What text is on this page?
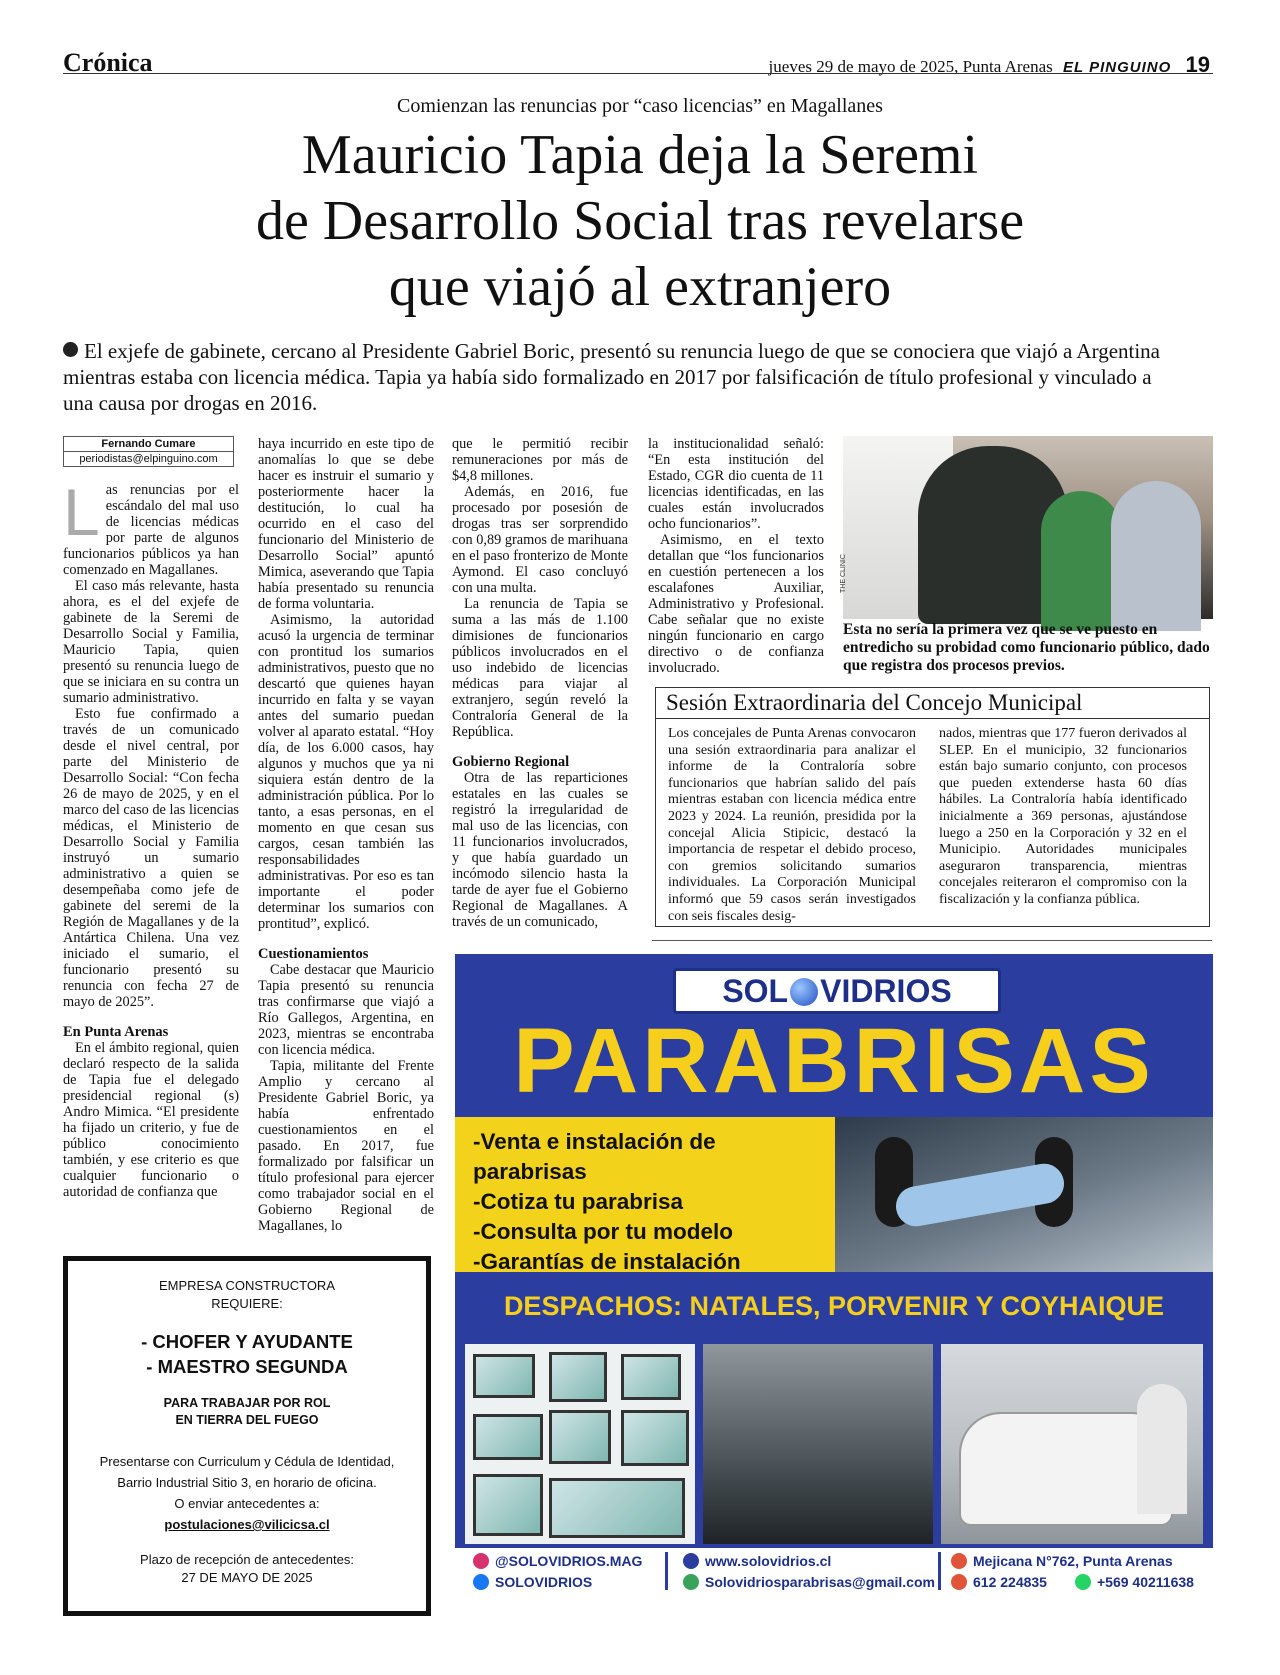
Crónica	jueves 29 de mayo de 2025, Punta Arenas EL PINGUINO 19
Comienzan las renuncias por “caso licencias” en Magallanes
Mauricio Tapia deja la Seremi
de Desarrollo Social tras revelarse
que viajó al extranjero
El exjefe de gabinete, cercano al Presidente Gabriel Boric, presentó su renuncia luego de que se conociera que viajó a Argentina mientras estaba con licencia médica. Tapia ya había sido formalizado en 2017 por falsificación de título profesional y vinculado a una causa por drogas en 2016.
Fernando Cumare
periodistas@elpinguino.com
L as renuncias por el escándalo del mal uso de licencias médicas por parte de algunos funcionarios públicos ya han comenzado en Magallanes.

El caso más relevante, hasta ahora, es el del exjefe de gabinete de la Seremi de Desarrollo Social y Familia, Mauricio Tapia, quien presentó su renuncia luego de que se iniciara en su contra un sumario administrativo.

Esto fue confirmado a través de un comunicado desde el nivel central, por parte del Ministerio de Desarrollo Social: “Con fecha 26 de mayo de 2025, y en el marco del caso de las licencias médicas, el Ministerio de Desarrollo Social y Familia instruyó un sumario administrativo a quien se desempeñaba como jefe de gabinete del seremi de la Región de Magallanes y de la Antártica Chilena. Una vez iniciado el sumario, el funcionario presentó su renuncia con fecha 27 de mayo de 2025”.

En Punta Arenas

En el ámbito regional, quien declaró respecto de la salida de Tapia fue el delegado presidencial regional (s) Andro Mimica. “El presidente ha fijado un criterio, y fue de público conocimiento también, y ese criterio es que cualquier funcionario o autoridad de confianza que

haya incurrido en este tipo de anomalías lo que se debe hacer es instruir el sumario y posteriormente hacer la destitución, lo cual ha ocurrido en el caso del funcionario del Ministerio de Desarrollo Social” apuntó Mimica, aseverando que Tapia había presentado su renuncia de forma voluntaria.

Asimismo, la autoridad acusó la urgencia de terminar con prontitud los sumarios administrativos, puesto que no descartó que quienes hayan incurrido en falta y se vayan antes del sumario puedan volver al aparato estatal. “Hoy día, de los 6.000 casos, hay algunos y muchos que ya ni siquiera están dentro de la administración pública. Por lo tanto, a esas personas, en el momento en que cesan sus cargos, cesan también las responsabilidades administrativas. Por eso es tan importante el poder determinar los sumarios con prontitud”, explicó.

Cuestionamientos

Cabe destacar que Mauricio Tapia presentó su renuncia tras confirmarse que viajó a Río Gallegos, Argentina, en 2023, mientras se encontraba con licencia médica.

Tapia, militante del Frente Amplio y cercano al Presidente Gabriel Boric, ya había enfrentado cuestionamientos en el pasado. En 2017, fue formalizado por falsificar un título profesional para ejercer como trabajador social en el Gobierno Regional de Magallanes, lo

que le permitió recibir remuneraciones por más de $4,8 millones.

Además, en 2016, fue procesado por posesión de drogas tras ser sorprendido con 0,89 gramos de marihuana en el paso fronterizo de Monte Aymond. El caso concluyó con una multa.

La renuncia de Tapia se suma a las más de 1.100 dimisiones de funcionarios públicos involucrados en el uso indebido de licencias médicas para viajar al extranjero, según reveló la Contraloría General de la República.

Gobierno Regional

Otra de las reparticiones estatales en las cuales se registró la irregularidad de mal uso de las licencias, con 11 funcionarios involucrados, y que había guardado un incómodo silencio hasta la tarde de ayer fue el Gobierno Regional de Magallanes. A través de un comunicado,

la institucionalidad señaló: “En esta institución del Estado, CGR dio cuenta de 11 licencias identificadas, en las cuales están involucrados ocho funcionarios”.

Asimismo, en el texto detallan que “los funcionarios en cuestión pertenecen a los escalafones Auxiliar, Administrativo y Profesional. Cabe señalar que no existe ningún funcionario en cargo directivo o de confianza involucrado.

THE CLINIC
Esta no sería la primera vez que se ve puesto en entredicho su probidad como funcionario público, dado que registra dos procesos previos.
Sesión Extraordinaria del Concejo Municipal
Los concejales de Punta Arenas convocaron una sesión extraordinaria para analizar el informe de la Contraloría sobre funcionarios que habrían salido del país mientras estaban con licencia médica entre 2023 y 2024. La reunión, presidida por la concejal Alicia Stipicic, destacó la importancia de respetar el debido proceso, con gremios solicitando sumarios individuales. La Corporación Municipal informó que 59 casos serán investigados con seis fiscales desig-
nados, mientras que 177 fueron derivados al SLEP. En el municipio, 32 funcionarios están bajo sumario conjunto, con procesos que pueden extenderse hasta 60 días hábiles. La Contraloría había identificado inicialmente a 369 personas, ajustándose luego a 250 en la Corporación y 32 en el Municipio. Autoridades municipales aseguraron transparencia, mientras concejales reiteraron el compromiso con la fiscalización y la confianza pública.
EMPRESA CONSTRUCTORA
REQUIERE:
- CHOFER Y AYUDANTE
- MAESTRO SEGUNDA
PARA TRABAJAR POR ROL
EN TIERRA DEL FUEGO
Presentarse con Curriculum y Cédula de Identidad,
Barrio Industrial Sitio 3, en horario de oficina.
O enviar antecedentes a:
postulaciones@vilicicsa.cl
Plazo de recepción de antecedentes:
27 DE MAYO DE 2025
SOL VIDRIOS
PARABRISAS
-Venta e instalación de
parabrisas
-Cotiza tu parabrisa
-Consulta por tu modelo
-Garantías de instalación
DESPACHOS: NATALES, PORVENIR Y COYHAIQUE
@SOLOVIDRIOS.MAG
SOLOVIDRIOS
www.solovidrios.cl
Solovidriosparabrisas@gmail.com
Mejicana N°762, Punta Arenas
612 224835	+569 40211638
